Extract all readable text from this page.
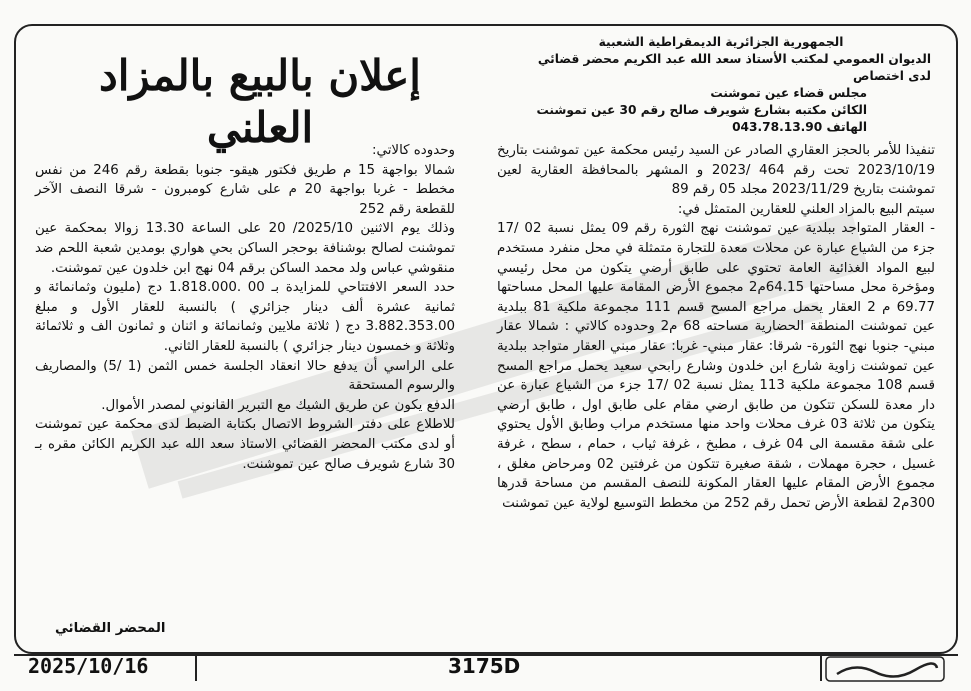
الجمهورية الجزائرية الديمقراطية الشعبية
الديوان العمومي لمكتب الأستاذ سعد الله عبد الكريم محضر قضائي لدى اختصاص
مجلس قضاء عين تموشنت
الكائن مكتبه بشارع شويرف صالح رقم 30 عين تموشنت
الهاتف 043.78.13.90
إعلان بالبيع بالمزاد العلني	تنفيذا للأمر بالحجز العقاري الصادر عن السيد رئيس محكمة عين تموشنت بتاريخ 2023/10/19 تحت رقم 464 /2023 و المشهر بالمحافظة العقارية لعين تموشنت بتاريخ 2023/11/29 مجلد 05 رقم 89

سيتم البيع بالمزاد العلني للعقارين المتمثل في:

- العقار المتواجد ببلدية عين تموشنت نهج الثورة رقم 09 يمثل نسبة 02 /17 جزء من الشياع عبارة عن محلات معدة للتجارة متمثلة في محل منفرد مستخدم لبيع المواد الغذائية العامة تحتوي على طابق أرضي يتكون من محل رئيسي ومؤخرة محل مساحتها 64.15م2 مجموع الأرض المقامة عليها المحل مساحتها 69.77 م 2 العقار يحمل مراجع المسح قسم 111 مجموعة ملكية 81 ببلدية عين تموشنت المنطقة الحضارية مساحته 68 م2 وحدوده كالاتي : شمالا عقار مبني- جنوبا نهج الثورة- شرقا: عقار مبني- غربا: عقار مبني العقار متواجد ببلدية عين تموشنت زاوية شارع ابن خلدون وشارع رابحي سعيد يحمل مراجع المسح قسم 108 مجموعة ملكية 113 يمثل نسبة 02 /17 جزء من الشياع عبارة عن دار معدة للسكن تتكون من طابق ارضي مقام على طابق اول ، طابق ارضي يتكون من ثلاثة 03 غرف محلات واحد منها مستخدم مراب وطابق الأول يحتوي على شقة مقسمة الى 04 غرف ، مطبخ ، غرفة ثياب ، حمام ، سطح ، غرفة غسيل ، حجرة مهملات ، شقة صغيرة تتكون من غرفتين 02 ومرحاض مغلق ، مجموع الأرض المقام عليها العقار المكونة للنصف المقسم من مساحة قدرها 300م2 لقطعة الأرض تحمل رقم 252 من مخطط التوسيع لولاية عين تموشنت

وحدوده كالاتي:

شمالا بواجهة 15 م طريق فكتور هيقو- جنوبا بقطعة رقم 246 من نفس مخطط - غربا بواجهة 20 م على شارع كومبرون - شرقا النصف الآخر للقطعة رقم 252

وذلك يوم الاثنين 2025/10/ 20 على الساعة 13.30 زوالا بمحكمة عين تموشنت لصالح بوشنافة بوحجر الساكن بحي هواري بومدين شعبة اللحم ضد منقوشي عباس ولد محمد الساكن برقم 04 نهج ابن خلدون عين تموشنت.

حدد السعر الافتتاحي للمزايدة بـ 00 .1.818.000 دج (مليون وثمانمائة و ثمانية عشرة ألف دينار جزائري ) بالنسبة للعقار الأول و مبلغ 3.882.353.00 دج ( ثلاثة ملايين وثمانمائة و اثنان و ثمانون الف و ثلاثمائة وثلاثة و خمسون دينار جزائري ) بالنسبة للعقار الثاني.

على الراسي أن يدفع حالا انعقاد الجلسة خمس الثمن (1 /5) والمصاريف والرسوم المستحقة

الدفع يكون عن طريق الشيك مع التبرير القانوني لمصدر الأموال.

للاطلاع على دفتر الشروط الاتصال بكتابة الضبط لدى محكمة عين تموشنت أو لدى مكتب المحضر القضائي الاستاذ سعد الله عبد الكريم الكائن مقره بـ 30 شارع شويرف صالح عين تموشنت.

المحضر القضائي
2025/10/16	3175D
